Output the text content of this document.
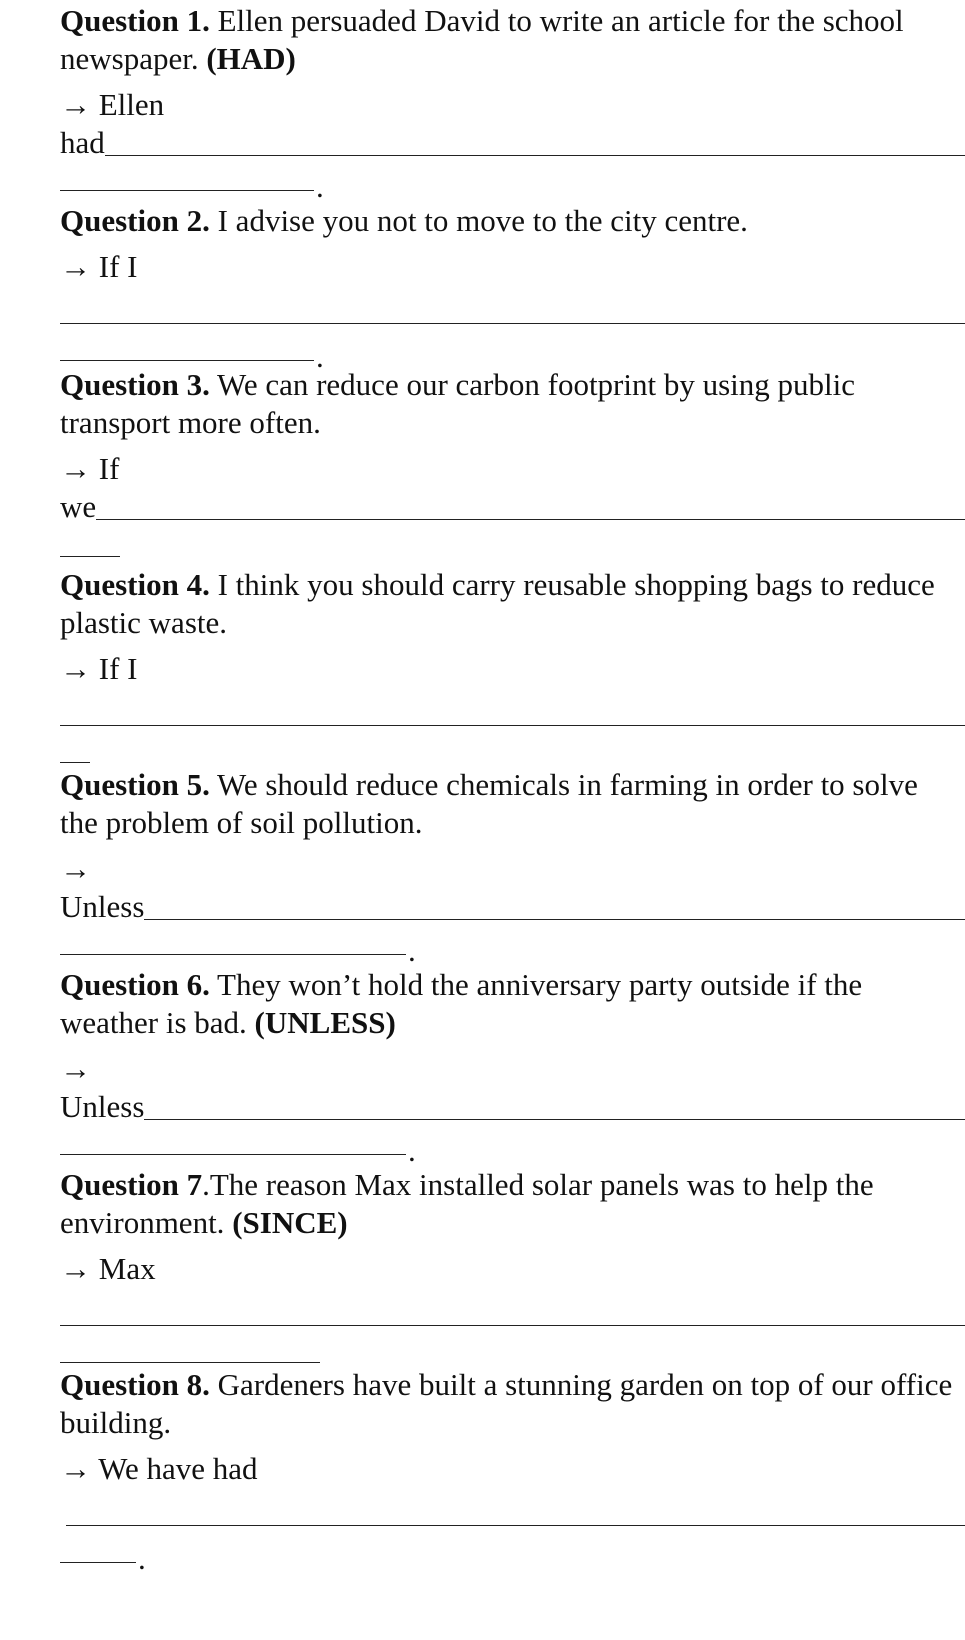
Question 1. Ellen persuaded David to write an article for the school newspaper. (HAD)

→ Ellen
had
.

Question 2. I advise you not to move to the city centre.

→ If I
.

Question 3. We can reduce our carbon footprint by using public transport more often.

→ If
we

Question 4. I think you should carry reusable shopping bags to reduce plastic waste.

→ If I

Question 5. We should reduce chemicals in farming in order to solve the problem of soil pollution.

→
Unless
.

Question 6. They won’t hold the anniversary party outside if the weather is bad. (UNLESS)

→
Unless
.

Question 7.The reason Max installed solar panels was to help the environment. (SINCE)

→ Max

Question 8. Gardeners have built a stunning garden on top of our office building.

→ We have had
.
